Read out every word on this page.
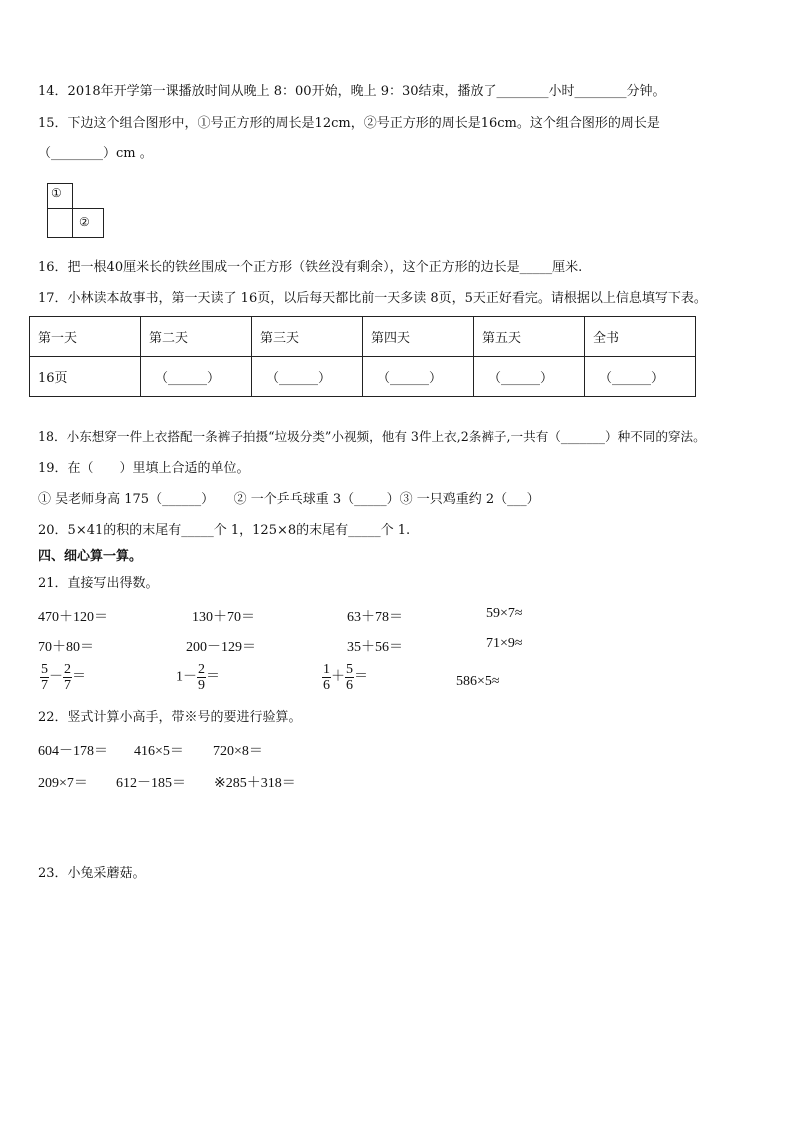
14．2018年开学第一课播放时间从晚上 8：00开始，晚上 9：30结束，播放了________小时________分钟。
15．下边这个组合图形中，①号正方形的周长是12cm，②号正方形的周长是16cm。这个组合图形的周长是
（________）cm 。
①
②
16．把一根40厘米长的铁丝围成一个正方形（铁丝没有剩余），这个正方形的边长是_____厘米.
17．小林读本故事书，第一天读了 16页，以后每天都比前一天多读 8页，5天正好看完。请根据以上信息填写下表。
第一天	第二天	第三天	第四天	第五天	全书
16页	（______）	（______）	（______）	（______）	（______）
18．小东想穿一件上衣搭配一条裤子拍摄“垃圾分类”小视频，他有 3件上衣,2条裤子,一共有（_______）种不同的穿法。
19．在（　　）里填上合适的单位。
① 吴老师身高 175（______）　　② 一个乒乓球重 3（_____）③ 一只鸡重约 2（___）
20．5×41的积的末尾有_____个 1，125×8的末尾有_____个 1.
四、细心算一算。
21．直接写出得数。
470＋120＝	130＋70＝	63＋78＝	59×7≈
70＋80＝	200－129＝	35＋56＝	71×9≈
$\frac{5}{7} - \frac{2}{7}$ ＝	$1- \frac{2}{9}$ ＝	$\frac{1}{6} + \frac{5}{6}$ ＝	586×5≈
22．竖式计算小高手，带※号的要进行验算。
604－178＝ 416×5＝ 720×8＝
209×7＝ 612－185＝ ※285＋318＝
23．小兔采蘑菇。
